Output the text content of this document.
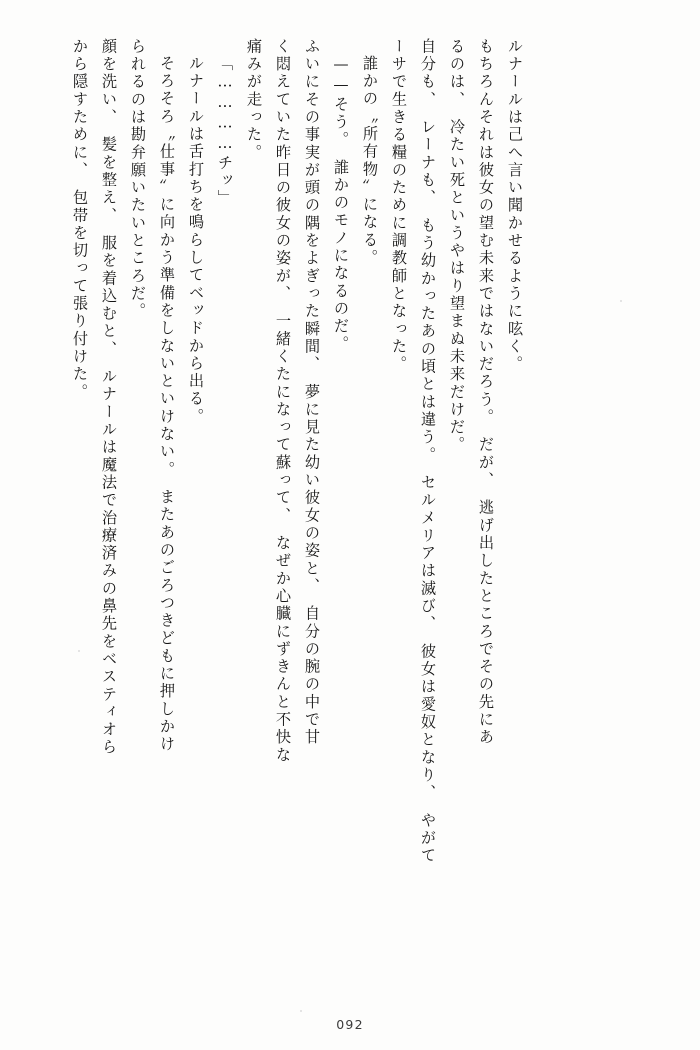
から隠すために、　包帯を切って張り付けた。 顔を洗い、　髪を整え、　服を着込むと、　ルナールは魔法で治療済みの鼻先をベスティオら られるのは勘弁願いたいところだ。 そろそろ〝仕事〟に向かう準備をしないといけない。　またあのごろつきどもに押しかけ ルナールは舌打ちを鳴らしてベッドから出る。 「…………チッ」 痛みが走った。 く悶えていた昨日の彼女の姿が、　一緒くたになって蘇って、　なぜか心臓にずきんと不快な ふいにその事実が頭の隅をよぎった瞬間、　夢に見た幼い彼女の姿と、　自分の腕の中で甘 ——そう。　誰かのモノになるのだ。 誰かの〝所有物〟になる。 ーサで生きる糧のために調教師となった。 自分も、　レーナも、　もう幼かったあの頃とは違う。　セルメリアは滅び、　彼女は愛奴となり、　やがて るのは、　冷たい死というやはり望まぬ未来だけだ。 もちろんそれは彼女の望む未来ではないだろう。　だが、　逃げ出したところでその先にあ ルナールは己へ言い聞かせるように呟く。
092
